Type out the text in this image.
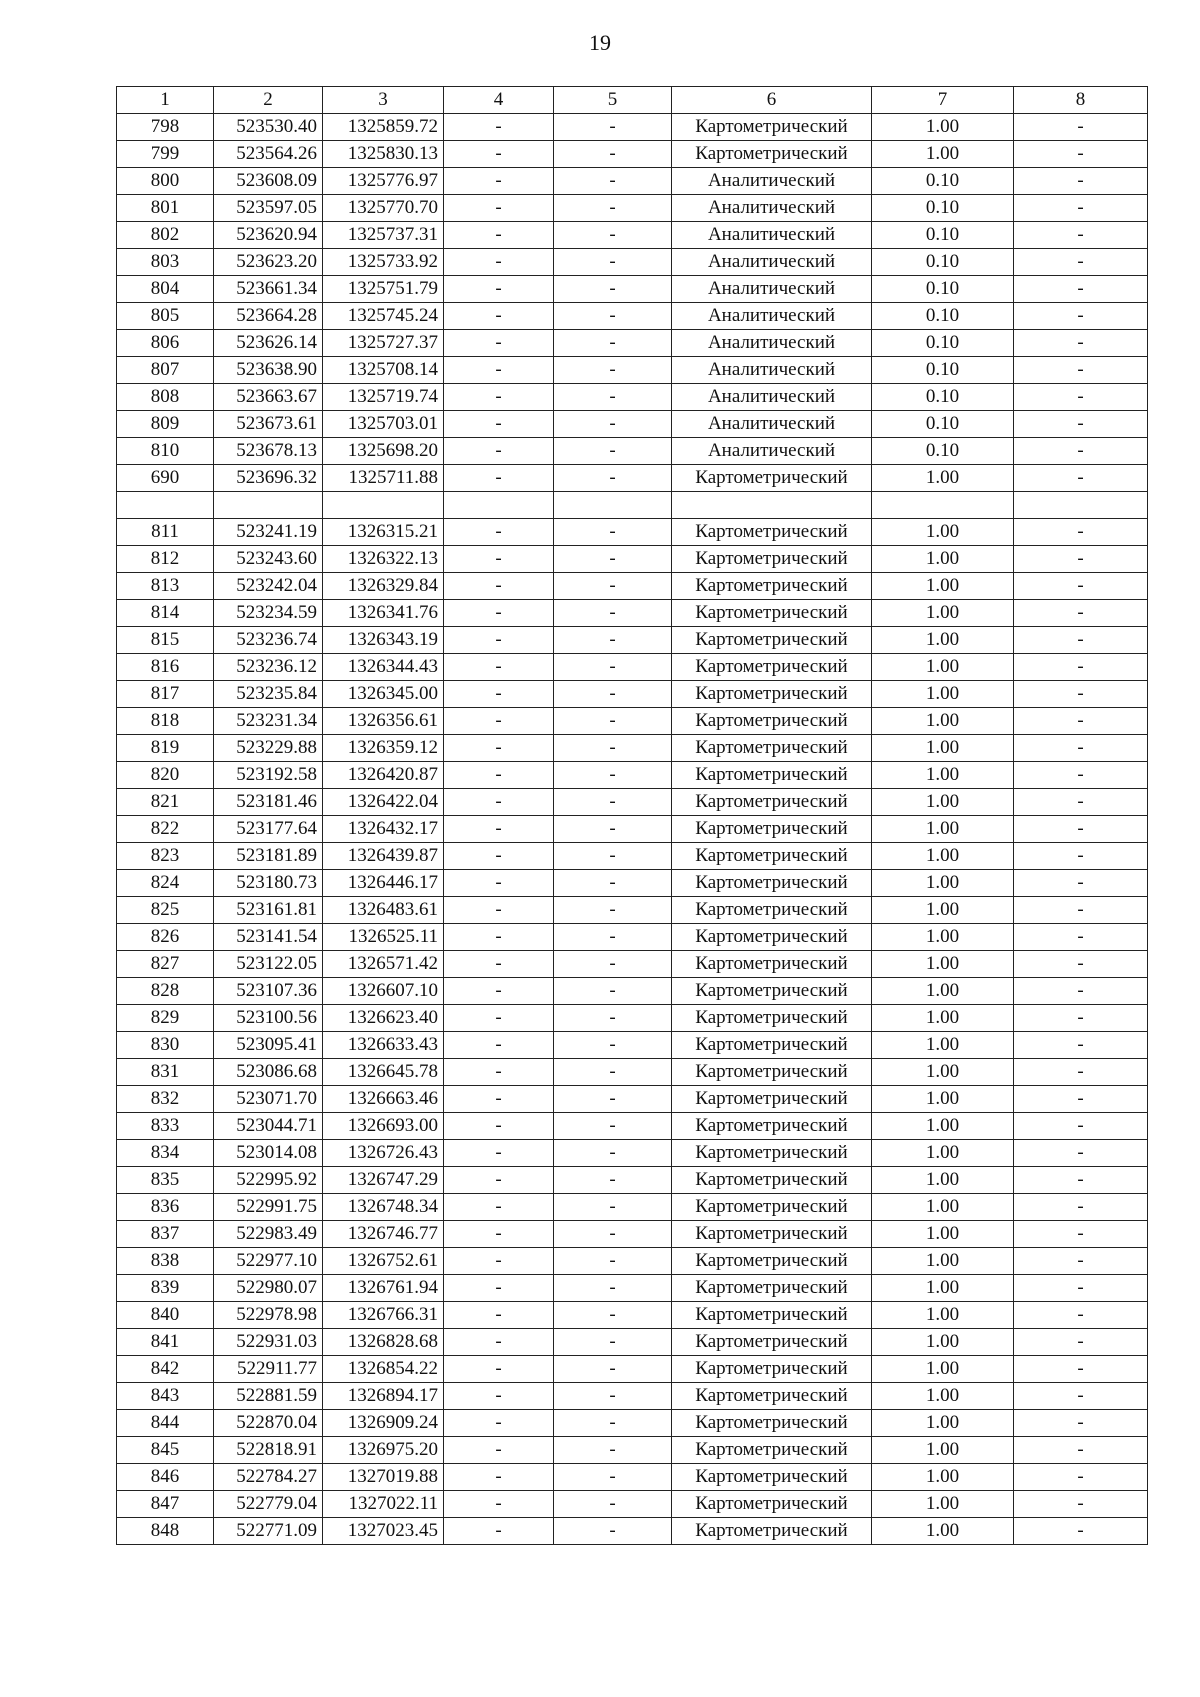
19
1	2	3	4	5	6	7	8
798	523530.40	1325859.72	-	-	Картометрический	1.00	-
799	523564.26	1325830.13	-	-	Картометрический	1.00	-
800	523608.09	1325776.97	-	-	Аналитический	0.10	-
801	523597.05	1325770.70	-	-	Аналитический	0.10	-
802	523620.94	1325737.31	-	-	Аналитический	0.10	-
803	523623.20	1325733.92	-	-	Аналитический	0.10	-
804	523661.34	1325751.79	-	-	Аналитический	0.10	-
805	523664.28	1325745.24	-	-	Аналитический	0.10	-
806	523626.14	1325727.37	-	-	Аналитический	0.10	-
807	523638.90	1325708.14	-	-	Аналитический	0.10	-
808	523663.67	1325719.74	-	-	Аналитический	0.10	-
809	523673.61	1325703.01	-	-	Аналитический	0.10	-
810	523678.13	1325698.20	-	-	Аналитический	0.10	-
690	523696.32	1325711.88	-	-	Картометрический	1.00	-

811	523241.19	1326315.21	-	-	Картометрический	1.00	-
812	523243.60	1326322.13	-	-	Картометрический	1.00	-
813	523242.04	1326329.84	-	-	Картометрический	1.00	-
814	523234.59	1326341.76	-	-	Картометрический	1.00	-
815	523236.74	1326343.19	-	-	Картометрический	1.00	-
816	523236.12	1326344.43	-	-	Картометрический	1.00	-
817	523235.84	1326345.00	-	-	Картометрический	1.00	-
818	523231.34	1326356.61	-	-	Картометрический	1.00	-
819	523229.88	1326359.12	-	-	Картометрический	1.00	-
820	523192.58	1326420.87	-	-	Картометрический	1.00	-
821	523181.46	1326422.04	-	-	Картометрический	1.00	-
822	523177.64	1326432.17	-	-	Картометрический	1.00	-
823	523181.89	1326439.87	-	-	Картометрический	1.00	-
824	523180.73	1326446.17	-	-	Картометрический	1.00	-
825	523161.81	1326483.61	-	-	Картометрический	1.00	-
826	523141.54	1326525.11	-	-	Картометрический	1.00	-
827	523122.05	1326571.42	-	-	Картометрический	1.00	-
828	523107.36	1326607.10	-	-	Картометрический	1.00	-
829	523100.56	1326623.40	-	-	Картометрический	1.00	-
830	523095.41	1326633.43	-	-	Картометрический	1.00	-
831	523086.68	1326645.78	-	-	Картометрический	1.00	-
832	523071.70	1326663.46	-	-	Картометрический	1.00	-
833	523044.71	1326693.00	-	-	Картометрический	1.00	-
834	523014.08	1326726.43	-	-	Картометрический	1.00	-
835	522995.92	1326747.29	-	-	Картометрический	1.00	-
836	522991.75	1326748.34	-	-	Картометрический	1.00	-
837	522983.49	1326746.77	-	-	Картометрический	1.00	-
838	522977.10	1326752.61	-	-	Картометрический	1.00	-
839	522980.07	1326761.94	-	-	Картометрический	1.00	-
840	522978.98	1326766.31	-	-	Картометрический	1.00	-
841	522931.03	1326828.68	-	-	Картометрический	1.00	-
842	522911.77	1326854.22	-	-	Картометрический	1.00	-
843	522881.59	1326894.17	-	-	Картометрический	1.00	-
844	522870.04	1326909.24	-	-	Картометрический	1.00	-
845	522818.91	1326975.20	-	-	Картометрический	1.00	-
846	522784.27	1327019.88	-	-	Картометрический	1.00	-
847	522779.04	1327022.11	-	-	Картометрический	1.00	-
848	522771.09	1327023.45	-	-	Картометрический	1.00	-
